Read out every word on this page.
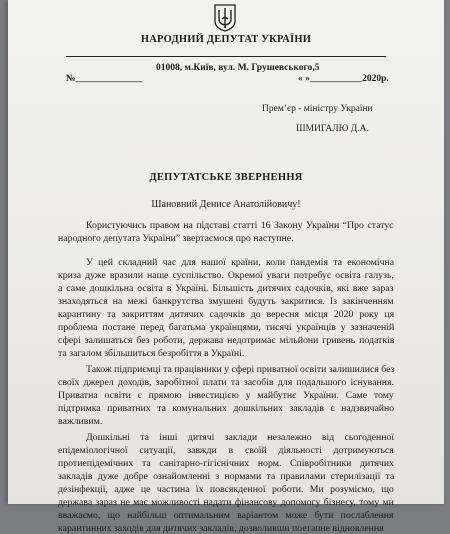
НАРОДНИЙ ДЕПУТАТ УКРАЇНИ
01008, м.Київ, вул. М. Грушевського,5
№______________	« »___________2020р.
Прем’єр - міністру України
ШМИГАЛЮ Д.А.
ДЕПУТАТСЬКЕ ЗВЕРНЕННЯ
Шановний Денисе Анатолійовичу!
Користуючись правом на підставі статті 16 Закону України “Про статус
народного депутата України” звертаємося про наступне.
У цей складний час для нашої країни, коли пандемія та економічна
криза дуже вразили наше суспільство. Окремої уваги потребує освіта галузь,
а саме дошкільна освіта в Україні. Більшість дитячих садочків, які вже зараз
знаходяться на межі банкрутства змушені будуть закритися. Із закінченням
карантину та закриттям дитячих садочків до вересня місця 2020 року ця
проблема постане перед багатьма українцями, тисячі українців у зазначеній
сфері залишаться без роботи, держава недотримає мільйони гривень податків
та загалом збільшиться безробіття в Україні.
Також підприємці та працівники у сфері приватної освіти залишилися без
своїх джерел доходів, заробітної плати та засобів для подальшого існування.
Приватна освіти є прямою інвестицією у майбутнє України. Саме тому
підтримка приватних та комунальних дошкільних закладів є надзвичайно
важливим.
Дошкільні та інші дитячі заклади незалежно від сьогоденної
епідеміологічної ситуації, завжди в своїй діяльності дотримуються
протиепідемічних та санітарно-гігієнічних норм. Співробітники дитячих
закладів дуже добре ознайомленні з нормами та правилами стерилізації та
дезінфекції, адже це частина їх повсякденної роботи. Ми розуміємо, що
держава зараз не має можливості надати фінансову допомогу бізнесу, тому ми
вважаємо, що найбільш оптимальним варіантом може бути послаблення
карантинних заходів для дитячих закладів, дозволивши поетапне відновлення
